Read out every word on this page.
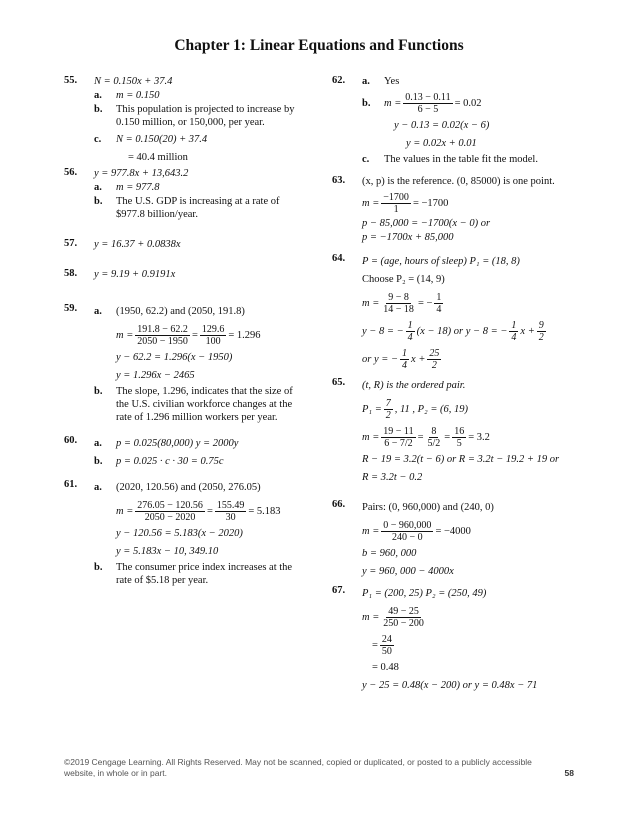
Chapter 1: Linear Equations and Functions
55. N = 0.150x + 37.4
a. m = 0.150
b.	This population is projected to increase by 0.150 million, or 150,000, per year.
c. N = 0.150(20) + 37.4
= 40.4 million
56. y = 977.8x + 13,643.2
a. m = 977.8
b.	The U.S. GDP is increasing at a rate of $977.8 billion/year.
57. y = 16.37 + 0.0838x
58. y = 9.19 + 0.9191x
59. a. (1950, 62.2) and (2050, 191.8)
$m = \frac{191.8 - 62.2}{2050 - 1950} = \frac{129.6}{100} = 1.296$
y − 62.2 = 1.296(x − 1950)
y = 1.296x − 2465
b.	The slope, 1.296, indicates that the size of the U.S. civilian workforce changes at the rate of 1.296 million workers per year.
60. a. p = 0.025(80,000) y = 2000y
b. p = 0.025 · c · 30 = 0.75c
61. a. (2020, 120.56) and (2050, 276.05)
$m = \frac{276.05 - 120.56}{2050 - 2020} = \frac{155.49}{30} = 5.183$
y − 120.56 = 5.183(x − 2020)
y = 5.183x − 10, 349.10
b.	The consumer price index increases at the rate of $5.18 per year.
62. a. Yes
b.	$m = \frac{0.13 - 0.11}{6 - 5} = 0.02$
y − 0.13 = 0.02(x − 6)
y = 0.02x + 0.01
c. The values in the table fit the model.
63. (x, p) is the reference. (0, 85000) is one point.
$m = \frac{-1700}{1} = -1700$
p − 85,000 = −1700(x − 0) or
p = −1700x + 85,000
64. P = (age, hours of sleep) P₁ = (18, 8)
Choose P₂ = (14, 9)
$m = \frac{9 - 8}{14 - 18}$ = − $\frac{1}{4}$
y − 8 = − $\frac{1}{4} (x - 18)$ or y − 8 = − $\frac{1}{4}$ $x + \frac{9}{2}$
or y = − $\frac{1}{4}$ $x + \frac{25}{2}$
65. (t, R) is the ordered pair.
$P_1 = \frac{7}{2}$ , 11 , P₂ = (6, 19)
$m = \frac{19 - 11}{6 - 7/2} = \frac{8}{5/2} = \frac{16}{5} = 3.2$
R − 19 = 3.2(t − 6) or R = 3.2t − 19.2 + 19 or
R = 3.2t − 0.2
66. Pairs: (0, 960,000) and (240, 0)
$m = \frac{0 - 960,000}{240 - 0} = -4000$
b = 960, 000
y = 960, 000 − 4000x
67. P₁ = (200, 25) P₂ = (250, 49)
$m = \frac{49 - 25}{250 - 200}$
= $\frac{24}{50}$
= 0.48
y − 25 = 0.48(x − 200) or y = 0.48x − 71
©2019 Cengage Learning. All Rights Reserved. May not be scanned, copied or duplicated, or posted to a publicly accessible website, in whole or in part.	58
